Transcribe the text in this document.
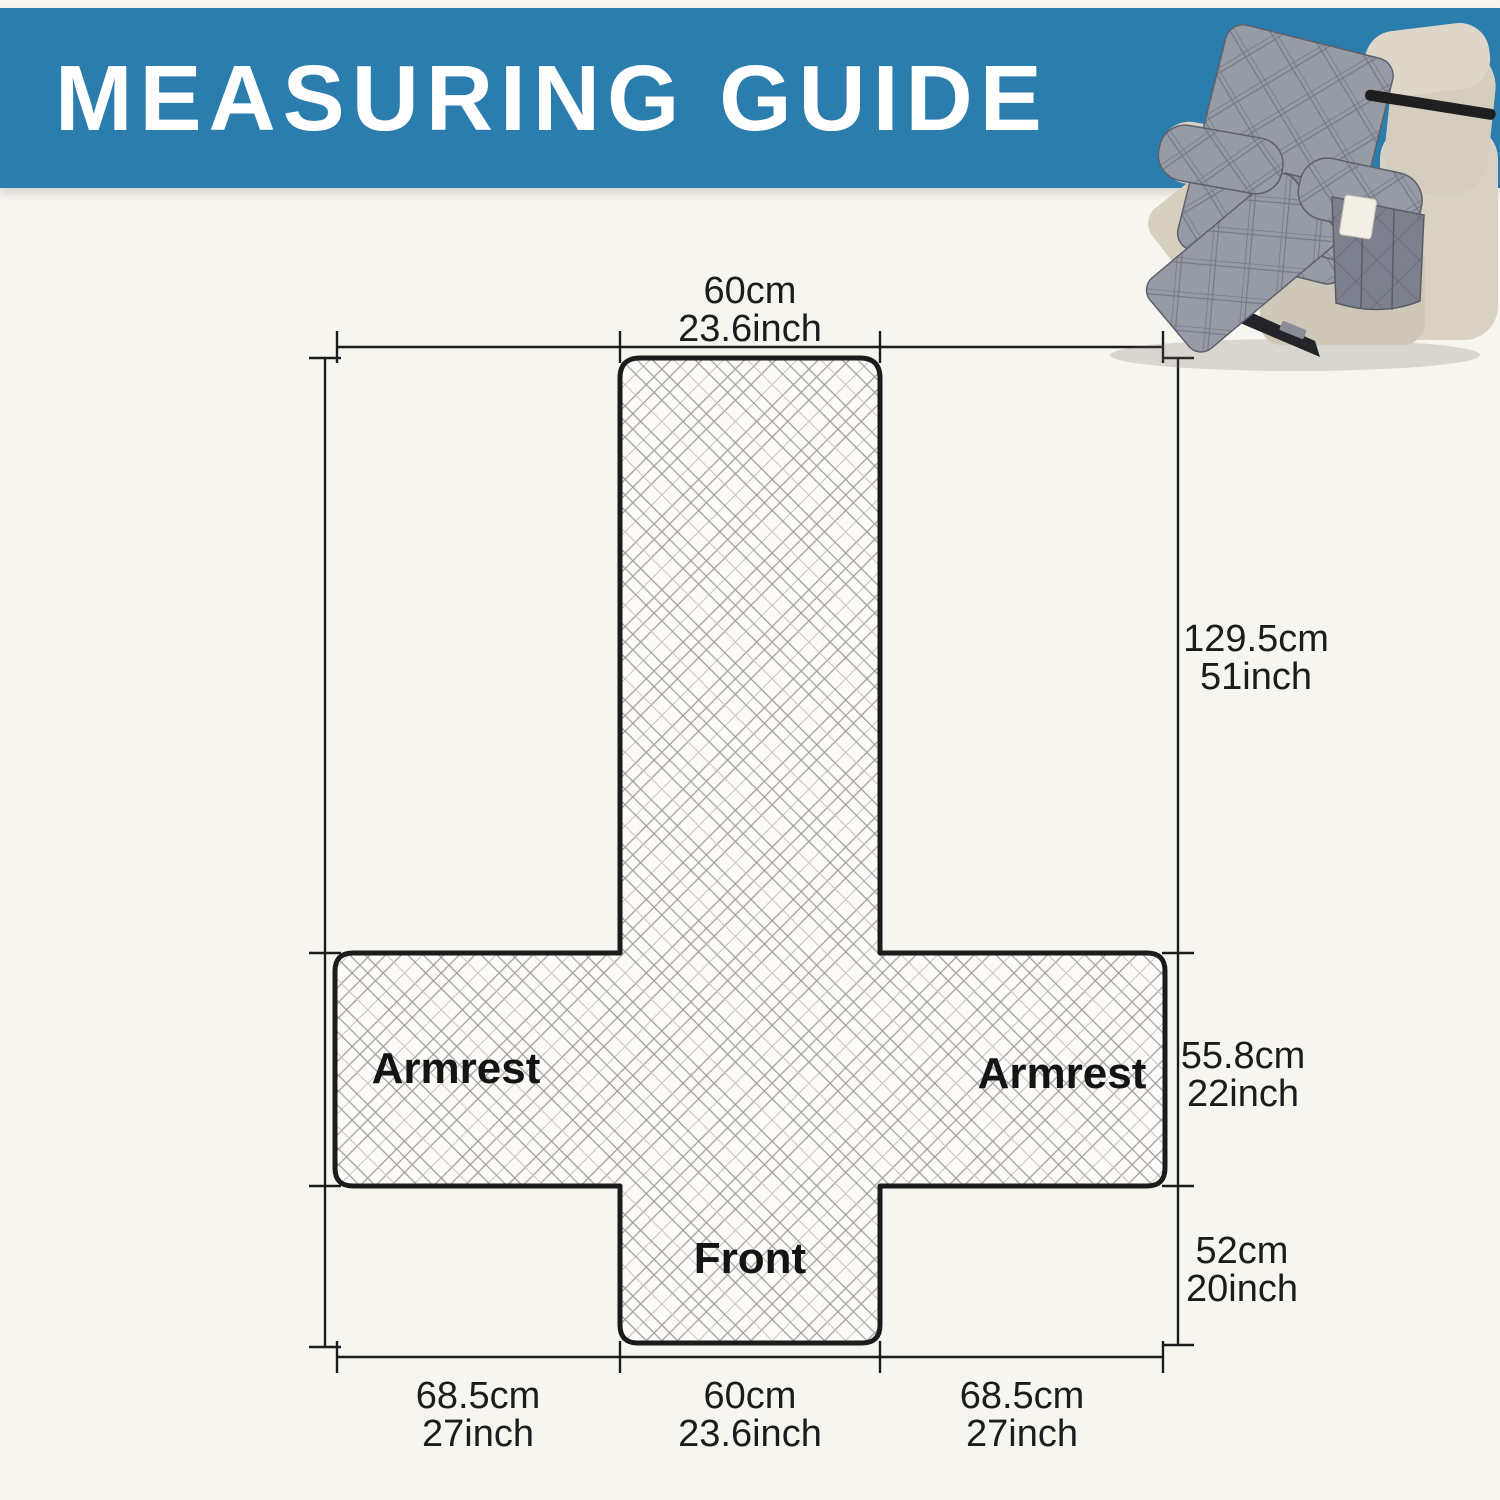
MEASURING GUIDE
60cm
23.6inch
129.5cm
51inch
55.8cm
22inch
52cm
20inch
68.5cm
27inch
60cm
23.6inch
68.5cm
27inch
Armrest	Armrest
Front
